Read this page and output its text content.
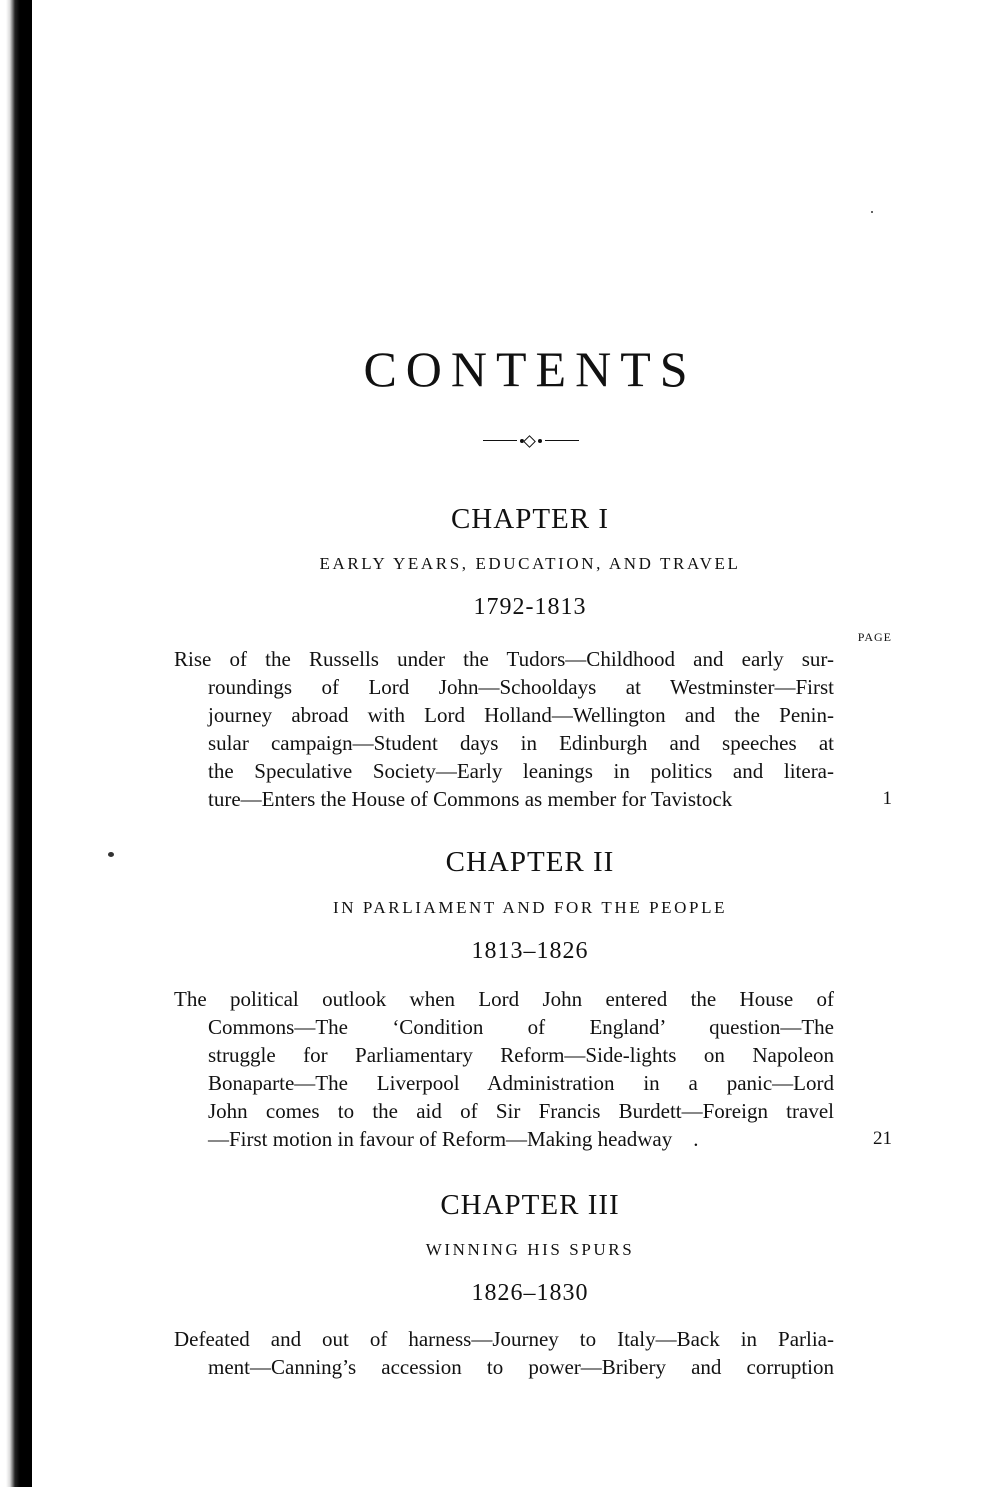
CONTENTS
PAGE
CHAPTER I
EARLY YEARS, EDUCATION, AND TRAVEL
1792-1813
Rise of the Russells under the Tudors—Childhood and early sur-
roundings of Lord John—Schooldays at Westminster—First
journey abroad with Lord Holland—Wellington and the Penin-
sular campaign—Student days in Edinburgh and speeches at
the Speculative Society—Early leanings in politics and litera-
ture—Enters the House of Commons as member for Tavistock	1
CHAPTER II
IN PARLIAMENT AND FOR THE PEOPLE
1813–1826
The political outlook when Lord John entered the House of
Commons—The ‘Condition of England’ question—The
struggle for Parliamentary Reform—Side-lights on Napoleon
Bonaparte—The Liverpool Administration in a panic—Lord
John comes to the aid of Sir Francis Burdett—Foreign travel
—First motion in favour of Reform—Making headway    .	21
CHAPTER III
WINNING HIS SPURS
1826–1830
Defeated and out of harness—Journey to Italy—Back in Parlia-
ment—Canning’s accession to power—Bribery and corruption
